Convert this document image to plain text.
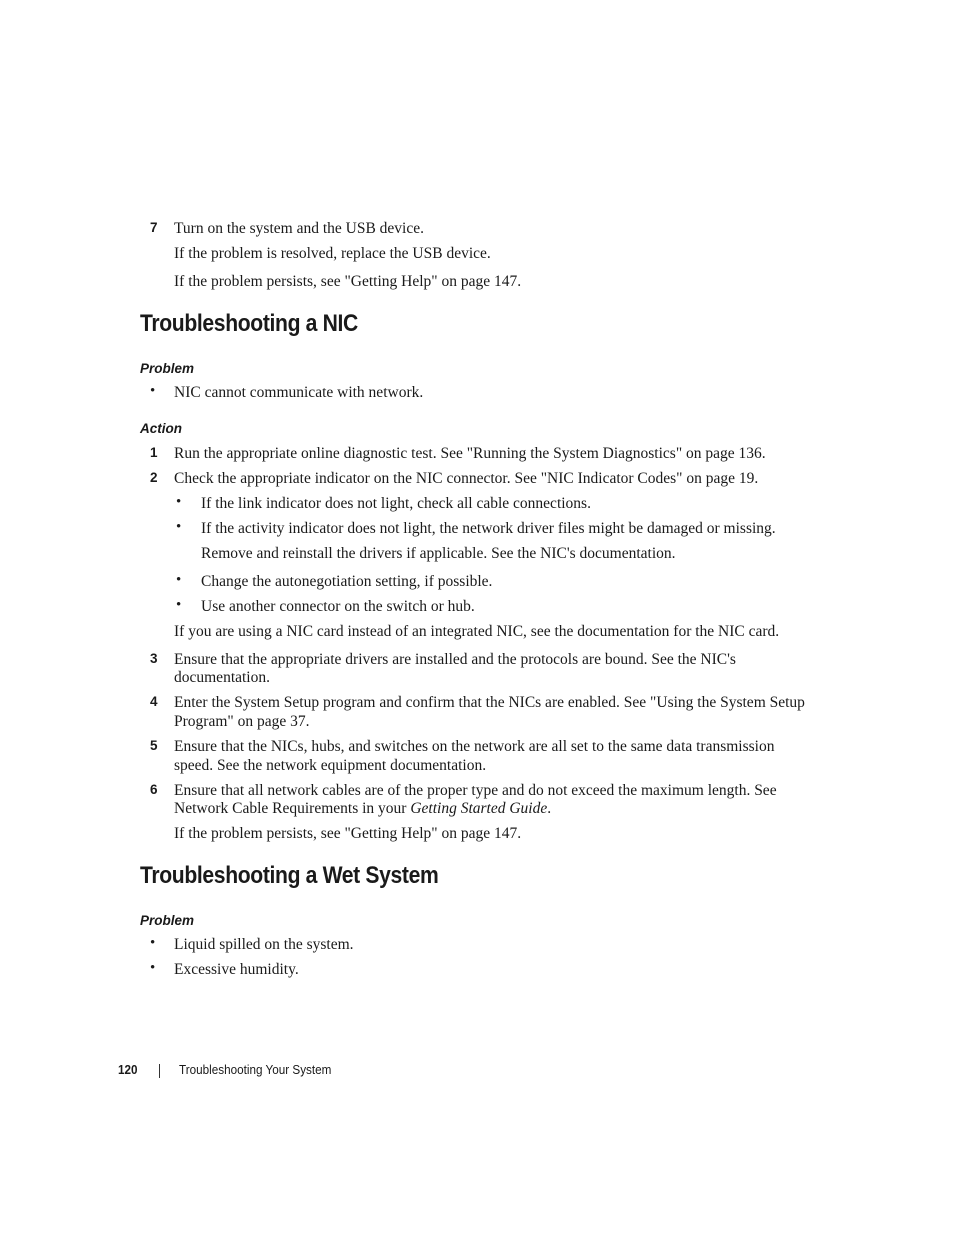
7 Turn on the system and the USB device.
If the problem is resolved, replace the USB device.
If the problem persists, see "Getting Help" on page 147.
Troubleshooting a NIC
Problem
• NIC cannot communicate with network.
Action
1 Run the appropriate online diagnostic test. See "Running the System Diagnostics" on page 136.
2 Check the appropriate indicator on the NIC connector. See "NIC Indicator Codes" on page 19.
• If the link indicator does not light, check all cable connections.
• If the activity indicator does not light, the network driver files might be damaged or missing.
Remove and reinstall the drivers if applicable. See the NIC's documentation.
• Change the autonegotiation setting, if possible.
• Use another connector on the switch or hub.
If you are using a NIC card instead of an integrated NIC, see the documentation for the NIC card.
3 Ensure that the appropriate drivers are installed and the protocols are bound. See the NIC's
documentation.
4 Enter the System Setup program and confirm that the NICs are enabled. See "Using the System Setup
Program" on page 37.
5 Ensure that the NICs, hubs, and switches on the network are all set to the same data transmission
speed. See the network equipment documentation.
6 Ensure that all network cables are of the proper type and do not exceed the maximum length. See
Network Cable Requirements in your Getting Started Guide.
If the problem persists, see "Getting Help" on page 147.
Troubleshooting a Wet System
Problem
• Liquid spilled on the system.
• Excessive humidity.
120	Troubleshooting Your System
